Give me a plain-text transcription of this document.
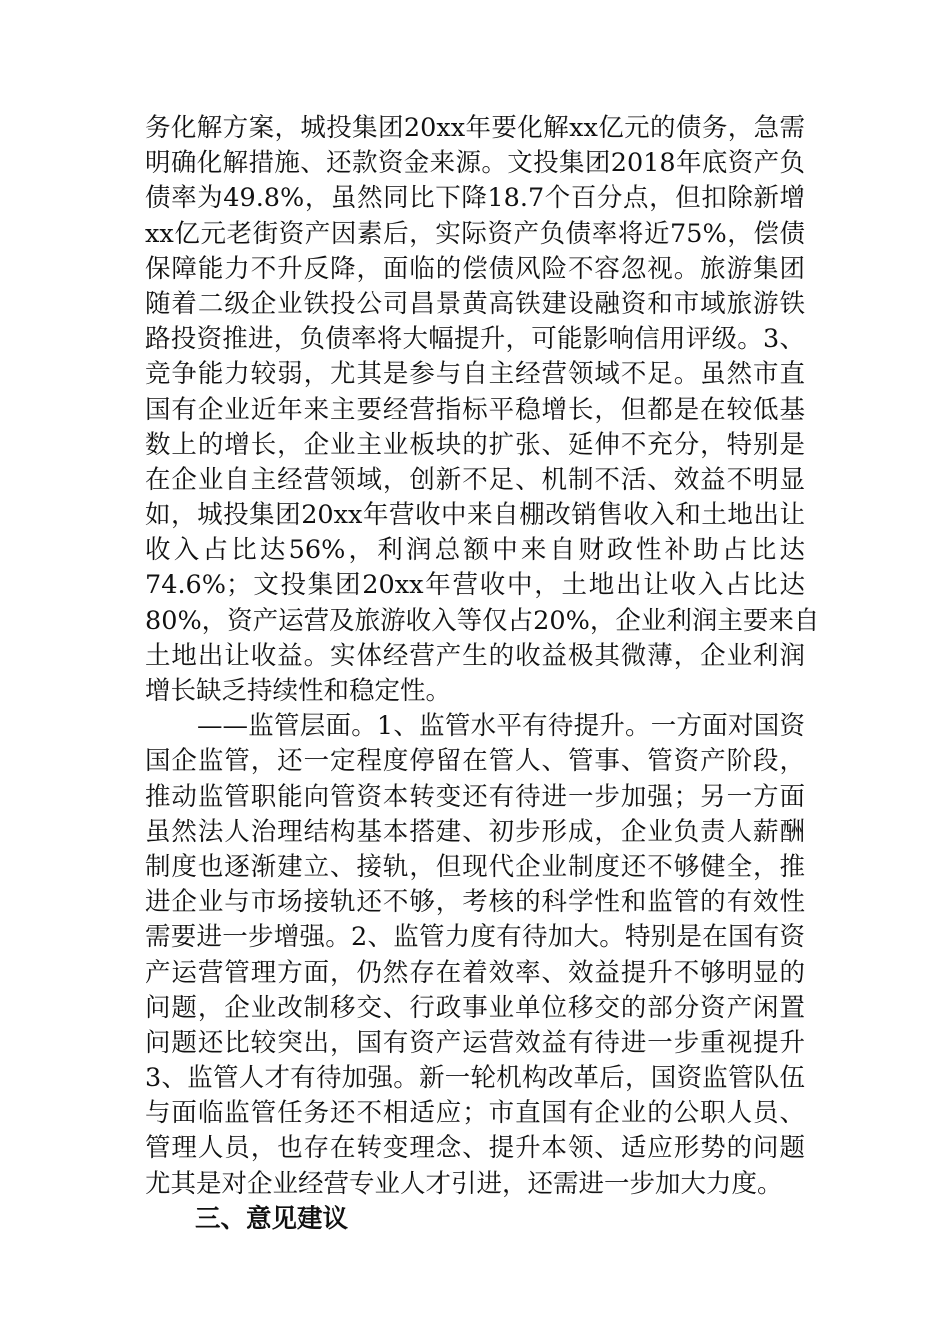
务化解方案，城投集团20xx年要化解xx亿元的债务，急需
明确化解措施、还款资金来源。文投集团2018年底资产负
债率为49.8%，虽然同比下降18.7个百分点，但扣除新增
xx亿元老街资产因素后，实际资产负债率将近75%，偿债
保障能力不升反降，面临的偿债风险不容忽视。旅游集团
随着二级企业铁投公司昌景黄高铁建设融资和市域旅游铁
路投资推进，负债率将大幅提升，可能影响信用评级。3、
竞争能力较弱，尤其是参与自主经营领域不足。虽然市直
国有企业近年来主要经营指标平稳增长，但都是在较低基
数上的增长，企业主业板块的扩张、延伸不充分，特别是
在企业自主经营领域，创新不足、机制不活、效益不明显
如，城投集团20xx年营收中来自棚改销售收入和土地出让
收入占比达56%，利润总额中来自财政性补助占比达
74.6%；文投集团20xx年营收中，土地出让收入占比达
80%，资产运营及旅游收入等仅占20%，企业利润主要来自
土地出让收益。实体经营产生的收益极其微薄，企业利润
增长缺乏持续性和稳定性。
——监管层面。1、监管水平有待提升。一方面对国资
国企监管，还一定程度停留在管人、管事、管资产阶段，
推动监管职能向管资本转变还有待进一步加强；另一方面
虽然法人治理结构基本搭建、初步形成，企业负责人薪酬
制度也逐渐建立、接轨，但现代企业制度还不够健全，推
进企业与市场接轨还不够，考核的科学性和监管的有效性
需要进一步增强。2、监管力度有待加大。特别是在国有资
产运营管理方面，仍然存在着效率、效益提升不够明显的
问题，企业改制移交、行政事业单位移交的部分资产闲置
问题还比较突出，国有资产运营效益有待进一步重视提升
3、监管人才有待加强。新一轮机构改革后，国资监管队伍
与面临监管任务还不相适应；市直国有企业的公职人员、
管理人员，也存在转变理念、提升本领、适应形势的问题
尤其是对企业经营专业人才引进，还需进一步加大力度。
三、意见建议
